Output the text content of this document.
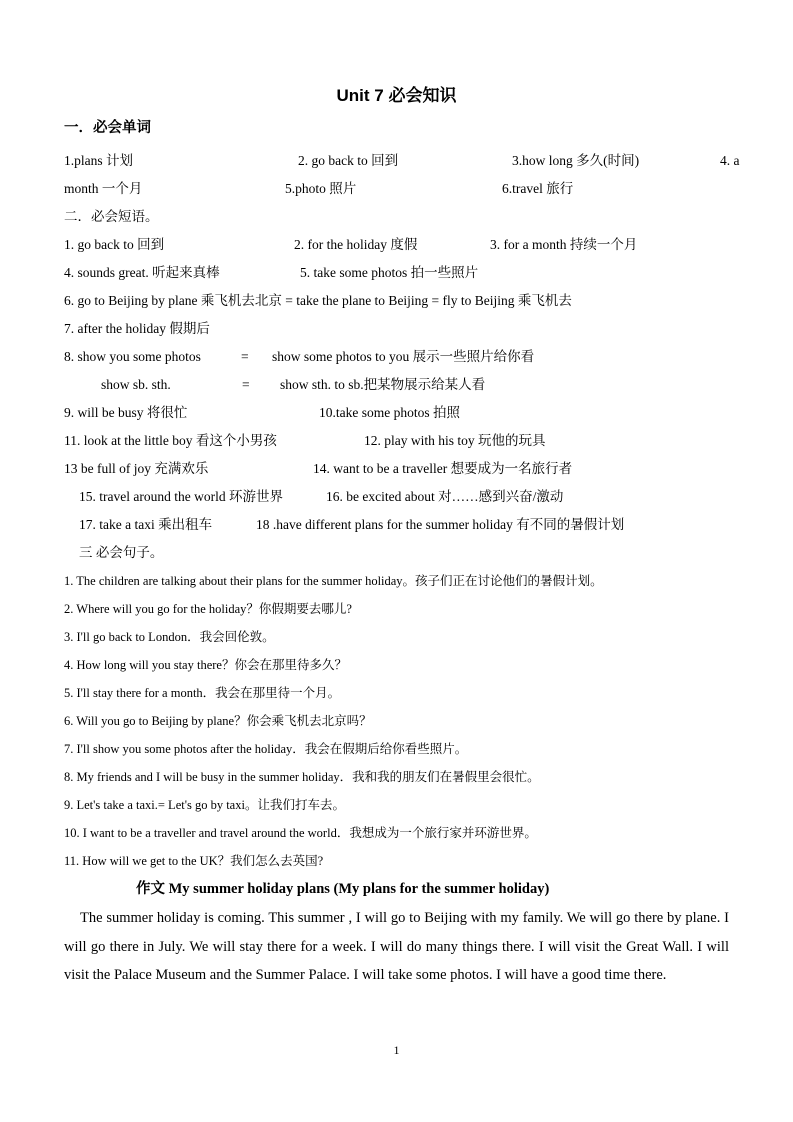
Unit 7 必会知识
一．必会单词
1.plans 计划	2. go back to 回到	3.how long 多久(时间)	4. a
month 一个月	5.photo 照片	6.travel 旅行
二．必会短语。
1. go back to 回到	2. for the holiday 度假	3. for a month 持续一个月
4. sounds great. 听起来真棒	5. take some photos 拍一些照片
6. go to Beijing by plane 乘飞机去北京 = take the plane to Beijing = fly to Beijing 乘飞机去
7. after the holiday 假期后
8. show you some photos	= show some photos to you 展示一些照片给你看
show sb. sth.	= show sth. to sb.把某物展示给某人看
9. will be busy 将很忙	10.take some photos 拍照
11. look at the little boy 看这个小男孩	12. play with his toy 玩他的玩具
13 be full of joy 充满欢乐	14. want to be a traveller 想要成为一名旅行者
15. travel around the world 环游世界	16. be excited about 对……感到兴奋/激动
17. take a taxi 乘出租车	18 .have different plans for the summer holiday 有不同的暑假计划
三 必会句子。
1. The children are talking about their plans for the summer holiday。孩子们正在讨论他们的暑假计划。
2. Where will you go for the holiday？你假期要去哪儿?
3. I'll go back to London．我会回伦敦。
4. How long will you stay there？你会在那里待多久？
5. I'll stay there for a month．我会在那里待一个月。
6. Will you go to Beijing by plane？你会乘飞机去北京吗？
7. I'll show you some photos after the holiday．我会在假期后给你看些照片。
8. My friends and I will be busy in the summer holiday．我和我的朋友们在暑假里会很忙。
9. Let's take a taxi.= Let's go by taxi。让我们打车去。
10. I want to be a traveller and travel around the world．我想成为一个旅行家并环游世界。
11. How will we get to the UK？我们怎么去英国?
作文 My summer holiday plans (My plans for the summer holiday)
The summer holiday is coming. This summer , I will go to Beijing with my family. We will go there by plane. I will go there in July. We will stay there for a week. I will do many things there. I will visit the Great Wall. I will visit the Palace Museum and the Summer Palace. I will take some photos. I will have a good time there.
1
